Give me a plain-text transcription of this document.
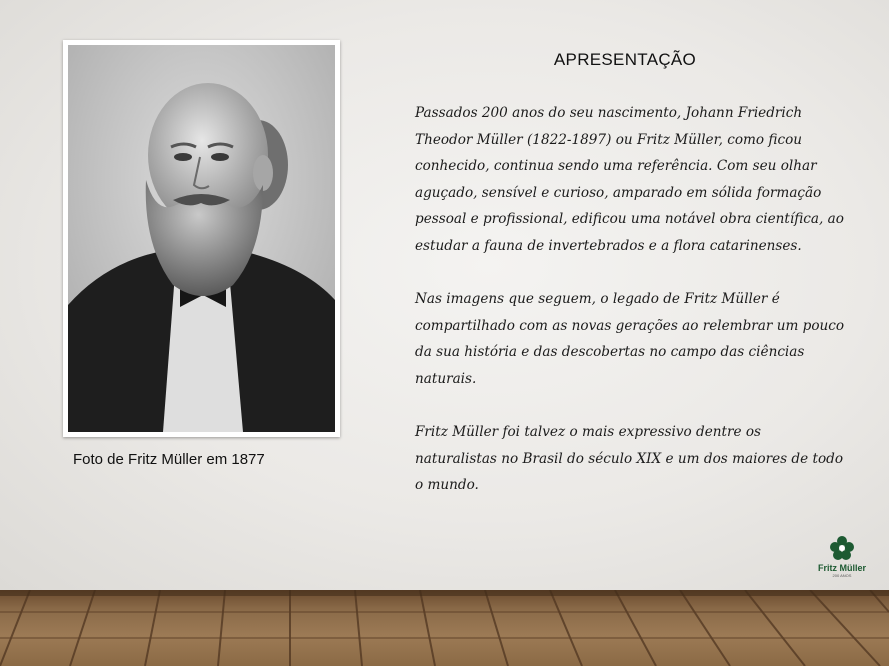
Foto de Fritz Müller em 1877
APRESENTAÇÃO
Passados 200 anos do seu nascimento, Johann Friedrich Theodor Müller (1822-1897) ou Fritz Müller, como ficou conhecido, continua sendo uma referência. Com seu olhar aguçado, sensível e curioso, amparado em sólida formação pessoal e profissional, edificou uma notável obra científica, ao estudar a fauna de invertebrados e a flora catarinenses.
Nas imagens que seguem, o legado de Fritz Müller é compartilhado com as novas gerações ao relembrar um pouco da sua história e das descobertas no campo das ciências naturais.
Fritz Müller foi talvez o mais expressivo dentre os naturalistas no Brasil do século XIX e um dos maiores de todo o mundo.
Fritz Müller
200 ANOS
